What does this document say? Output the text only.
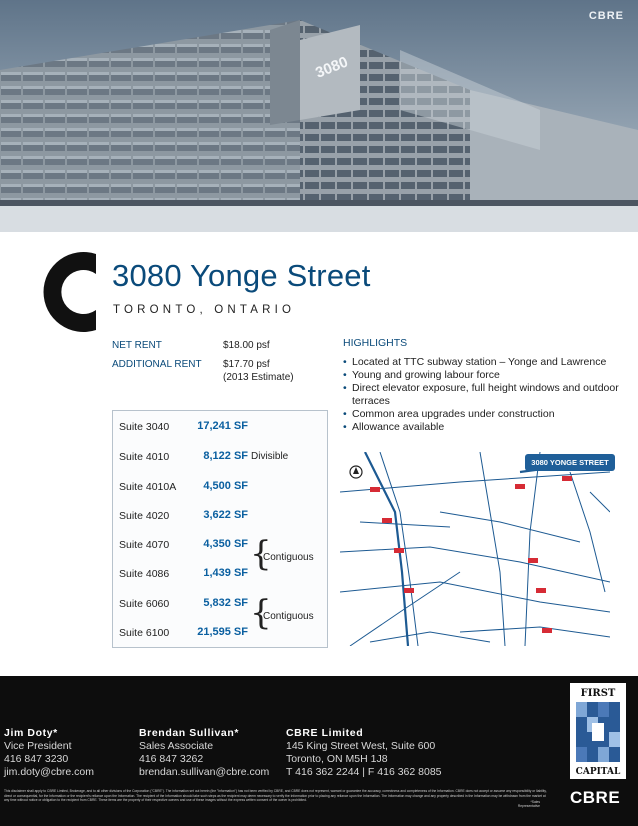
3080
CBRE
3080 Yonge Street
TORONTO, ONTARIO
NET RENT	$18.00 psf
ADDITIONAL RENT $17.70 psf
(2013 Estimate)
HIGHLIGHTS
• Located at TTC subway station – Yonge and Lawrence
• Young and growing labour force
• Direct elevator exposure, full height windows and outdoor terraces
• Common area upgrades under construction
• Allowance available
Suite 3040	17,241 SF
Suite 4010	8,122 SF Divisible
Suite 4010A	4,500 SF
Suite 4020	3,622 SF
Suite 4070	4,350 SF
Suite 4086	1,439 SF {
Contiguous
Suite 6060	5,832 SF
Suite 6100	21,595 SF {
Contiguous
3080 YONGE STREET
Jim Doty*
Vice President
416 847 3230
jim.doty@cbre.com
Brendan Sullivan*
Sales Associate
416 847 3262
brendan.sullivan@cbre.com
CBRE Limited
145 King Street West, Suite 600
Toronto, ON M5H 1J8
T 416 362 2244 | F 416 362 8085
This disclaimer shall apply to CBRE Limited, Brokerage, and to all other divisions of the Corporation ("CBRE"). The information set out herein (the "Information") has not been verified by CBRE, and CBRE does not represent, warrant or guarantee the accuracy, correctness and completeness of the Information. CBRE does not accept or assume any responsibility or liability, direct or consequential, for the Information or the recipient's reliance upon the Information. The recipient of the Information should take such steps as the recipient may deem necessary to verify the Information prior to placing any reliance upon the Information. The Information may change and any property described in the Information may be withdrawn from the market at any time without notice or obligation to the recipient from CBRE. These items are the property of their respective owners and use of these images without the express written consent of the owner is prohibited.	*Sales Representative
FIRST
CAPITAL
CBRE
